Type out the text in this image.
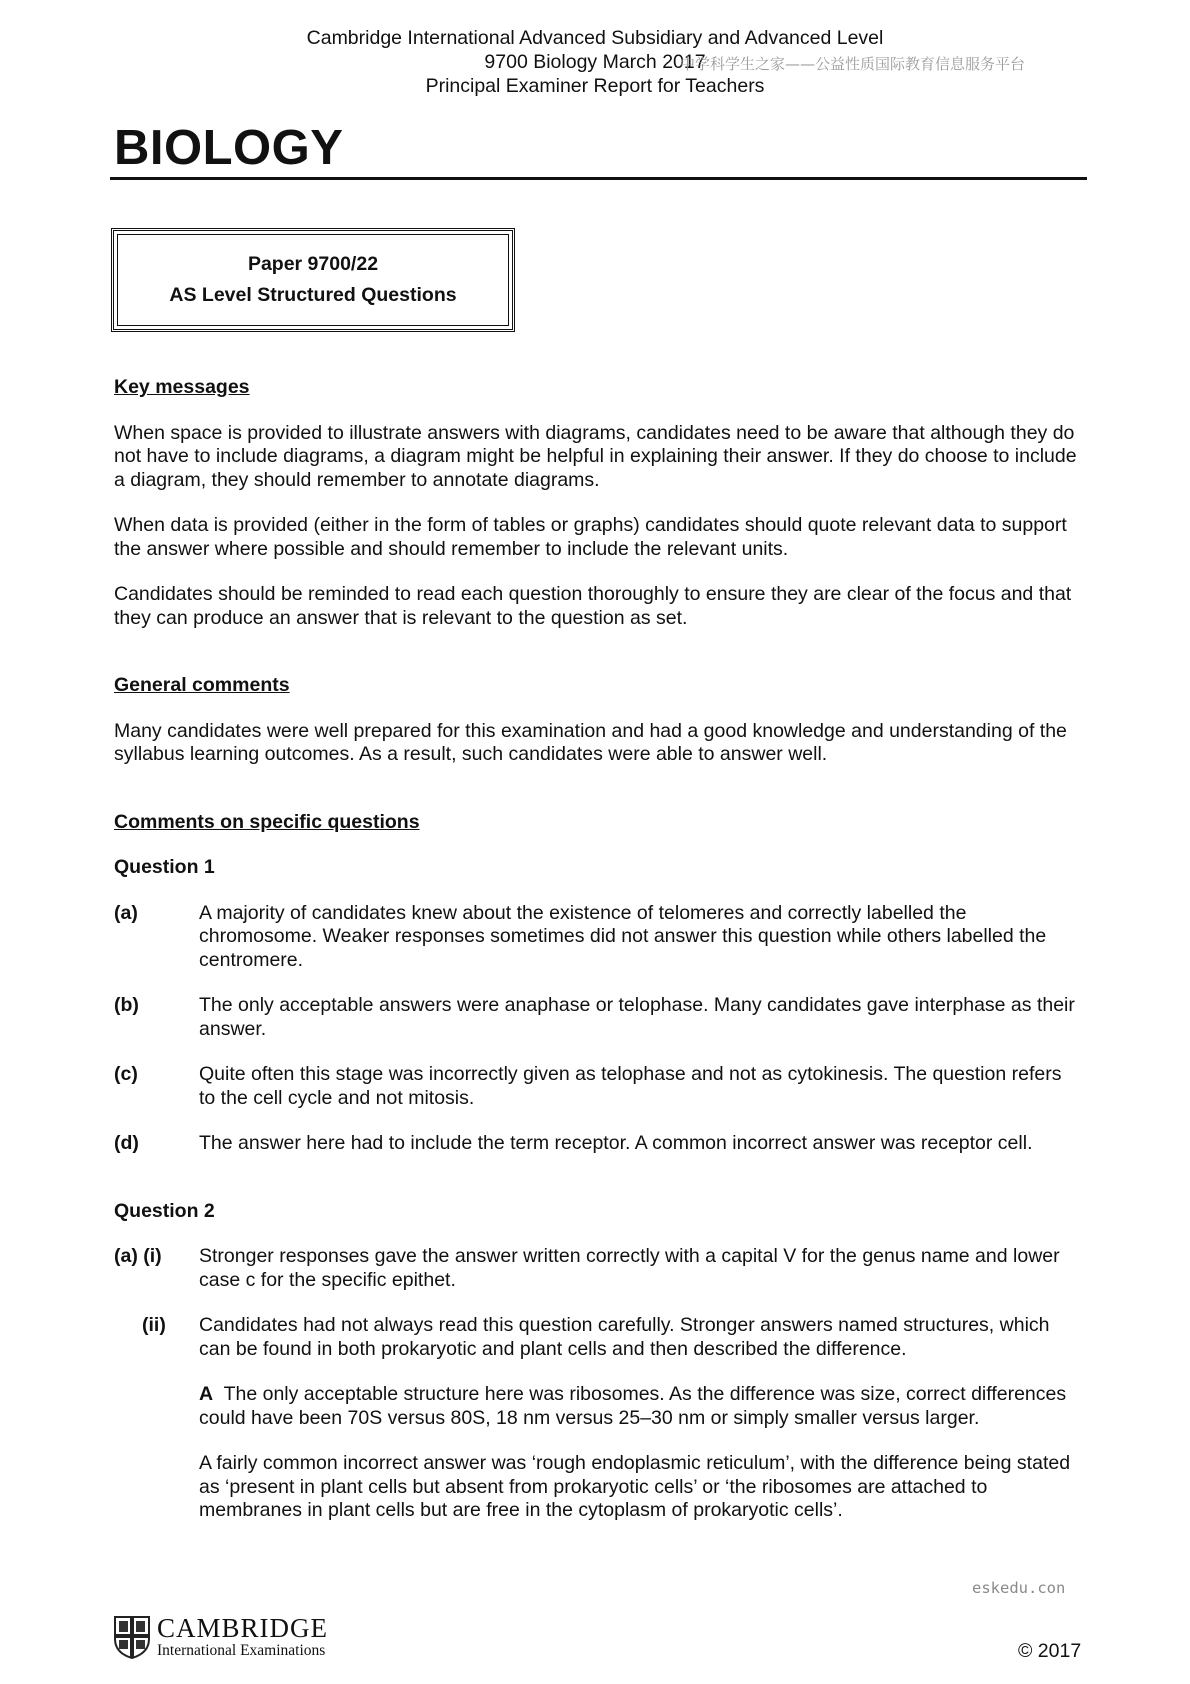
Cambridge International Advanced Subsidiary and Advanced Level
9700 Biology March 2017
Principal Examiner Report for Teachers
中学科学生之家——公益性质国际教育信息服务平台
BIOLOGY
Paper 9700/22
AS Level Structured Questions
Key messages
When space is provided to illustrate answers with diagrams, candidates need to be aware that although they do not have to include diagrams, a diagram might be helpful in explaining their answer. If they do choose to include a diagram, they should remember to annotate diagrams.
When data is provided (either in the form of tables or graphs) candidates should quote relevant data to support the answer where possible and should remember to include the relevant units.
Candidates should be reminded to read each question thoroughly to ensure they are clear of the focus and that they can produce an answer that is relevant to the question as set.
General comments
Many candidates were well prepared for this examination and had a good knowledge and understanding of the syllabus learning outcomes. As a result, such candidates were able to answer well.
Comments on specific questions
Question 1
(a)	A majority of candidates knew about the existence of telomeres and correctly labelled the chromosome. Weaker responses sometimes did not answer this question while others labelled the centromere.
(b)	The only acceptable answers were anaphase or telophase. Many candidates gave interphase as their answer.
(c)	Quite often this stage was incorrectly given as telophase and not as cytokinesis. The question refers to the cell cycle and not mitosis.
(d)	The answer here had to include the term receptor. A common incorrect answer was receptor cell.
Question 2
(a) (i)	Stronger responses gave the answer written correctly with a capital V for the genus name and lower case c for the specific epithet.
(ii)	Candidates had not always read this question carefully. Stronger answers named structures, which can be found in both prokaryotic and plant cells and then described the difference.
A The only acceptable structure here was ribosomes. As the difference was size, correct differences could have been 70S versus 80S, 18 nm versus 25–30 nm or simply smaller versus larger.
A fairly common incorrect answer was ‘rough endoplasmic reticulum’, with the difference being stated as ‘present in plant cells but absent from prokaryotic cells’ or ‘the ribosomes are attached to membranes in plant cells but are free in the cytoplasm of prokaryotic cells’.
eskedu.con
CAMBRIDGE
International Examinations	© 2017
